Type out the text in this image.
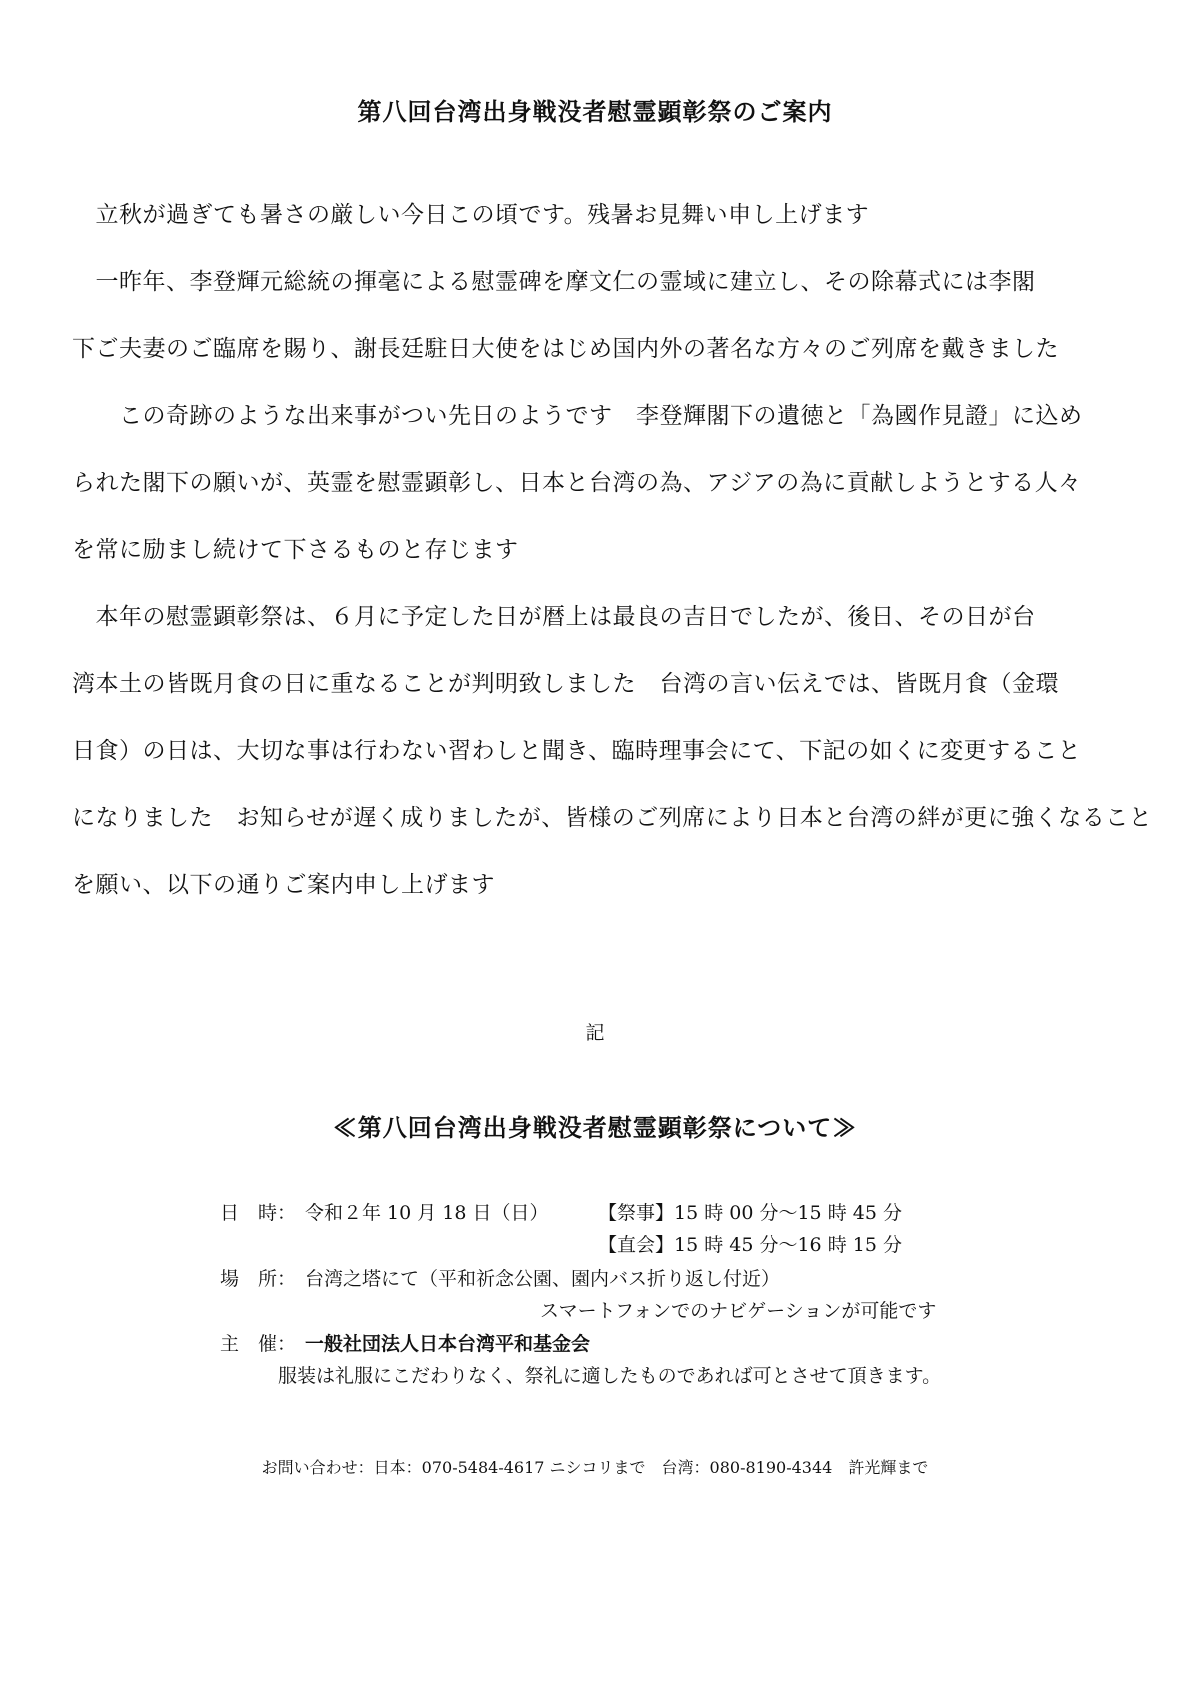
第八回台湾出身戦没者慰霊顕彰祭のご案内
　立秋が過ぎても暑さの厳しい今日この頃です。残暑お見舞い申し上げます
　一昨年、李登輝元総統の揮毫による慰霊碑を摩文仁の霊域に建立し、その除幕式には李閣
下ご夫妻のご臨席を賜り、謝長廷駐日大使をはじめ国内外の著名な方々のご列席を戴きました
　　この奇跡のような出来事がつい先日のようです　李登輝閣下の遺徳と「為國作見證」に込め
られた閣下の願いが、英霊を慰霊顕彰し、日本と台湾の為、アジアの為に貢献しようとする人々
を常に励まし続けて下さるものと存じます
　本年の慰霊顕彰祭は、６月に予定した日が暦上は最良の吉日でしたが、後日、その日が台
湾本土の皆既月食の日に重なることが判明致しました　台湾の言い伝えでは、皆既月食（金環
日食）の日は、大切な事は行わない習わしと聞き、臨時理事会にて、下記の如くに変更すること
になりました　お知らせが遅く成りましたが、皆様のご列席により日本と台湾の絆が更に強くなること
を願い、以下の通りご案内申し上げます
記
≪第八回台湾出身戦没者慰霊顕彰祭について≫
日　時： 令和２年 10 月 18 日（日）	【祭事】15 時 00 分～15 時 45 分
【直会】15 時 45 分～16 時 15 分
場　所： 台湾之塔にて（平和祈念公園、園内バス折り返し付近）
スマートフォンでのナビゲーションが可能です
主　催： 一般社団法人日本台湾平和基金会
服装は礼服にこだわりなく、祭礼に適したものであれば可とさせて頂きます。
お問い合わせ：日本：070-5484-4617 ニシコリまで　台湾：080-8190-4344　許光輝まで
